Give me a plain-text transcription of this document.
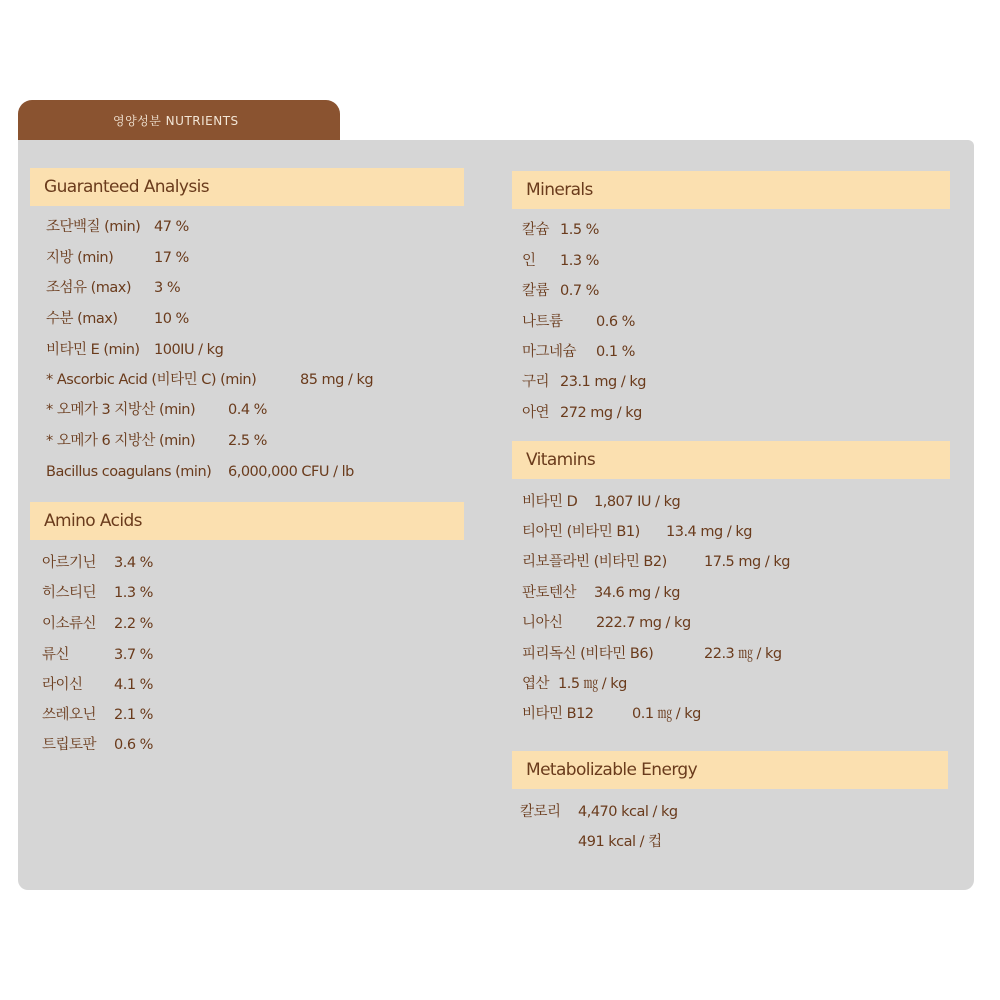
영양성분 NUTRIENTS
Guaranteed Analysis
조단백질 (min) 47 %
지방 (min)	17 %
조섬유 (max) 3 %
수분 (max)	10 %
비타민 E (min) 100IU / kg
* Ascorbic Acid (비타민 C) (min)	85 mg / kg
* 오메가 3 지방산 (min) 0.4 %
* 오메가 6 지방산 (min) 2.5 %
Bacillus coagulans (min) 6,000,000 CFU / lb
Amino Acids
아르기닌 3.4 %
히스티딘 1.3 %
이소류신 2.2 %
류신	3.7 %
라이신 4.1 %
쓰레오닌 2.1 %
트립토판 0.6 %
Minerals
칼슘 1.5 %
인 1.3 %
칼륨 0.7 %
나트륨 0.6 %
마그네슘 0.1 %
구리 23.1 mg / kg
아연 272 mg / kg
Vitamins
비타민 D 1,807 IU / kg
티아민 (비타민 B1) 13.4 mg / kg
리보플라빈 (비타민 B2)	17.5 mg / kg
판토텐산 34.6 mg / kg
니아신 222.7 mg / kg
피리독신 (비타민 B6)	22.3 ㎎ / kg
엽산 1.5 ㎎ / kg
비타민 B12	0.1 ㎎ / kg
Metabolizable Energy
칼로리 4,470 kcal / kg
491 kcal / 컵
